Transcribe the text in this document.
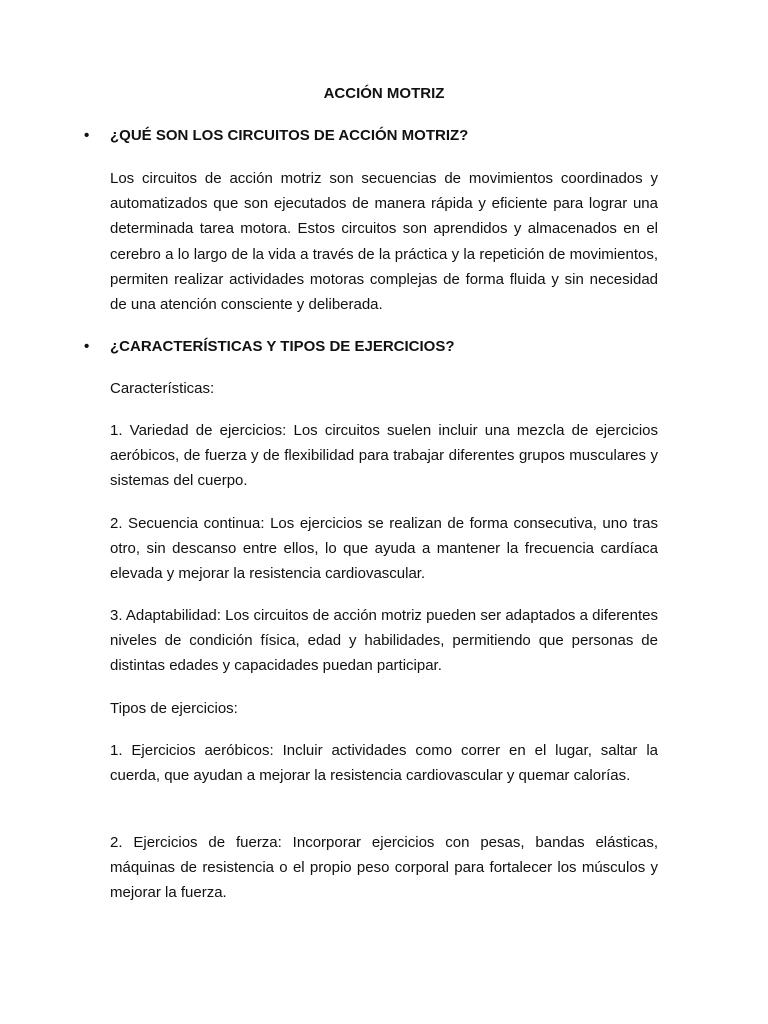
ACCIÓN MOTRIZ
• ¿QUÉ SON LOS CIRCUITOS DE ACCIÓN MOTRIZ?

Los circuitos de acción motriz son secuencias de movimientos coordinados y automatizados que son ejecutados de manera rápida y eficiente para lograr una determinada tarea motora. Estos circuitos son aprendidos y almacenados en el cerebro a lo largo de la vida a través de la práctica y la repetición de movimientos, permiten realizar actividades motoras complejas de forma fluida y sin necesidad de una atención consciente y deliberada.

• ¿CARACTERÍSTICAS Y TIPOS DE EJERCICIOS?
Características:

1. Variedad de ejercicios: Los circuitos suelen incluir una mezcla de ejercicios aeróbicos, de fuerza y de flexibilidad para trabajar diferentes grupos musculares y sistemas del cuerpo.

2. Secuencia continua: Los ejercicios se realizan de forma consecutiva, uno tras otro, sin descanso entre ellos, lo que ayuda a mantener la frecuencia cardíaca elevada y mejorar la resistencia cardiovascular.

3. Adaptabilidad: Los circuitos de acción motriz pueden ser adaptados a diferentes niveles de condición física, edad y habilidades, permitiendo que personas de distintas edades y capacidades puedan participar.

Tipos de ejercicios:

1. Ejercicios aeróbicos: Incluir actividades como correr en el lugar, saltar la cuerda, que ayudan a mejorar la resistencia cardiovascular y quemar calorías.

2. Ejercicios de fuerza: Incorporar ejercicios con pesas, bandas elásticas, máquinas de resistencia o el propio peso corporal para fortalecer los músculos y mejorar la fuerza.
